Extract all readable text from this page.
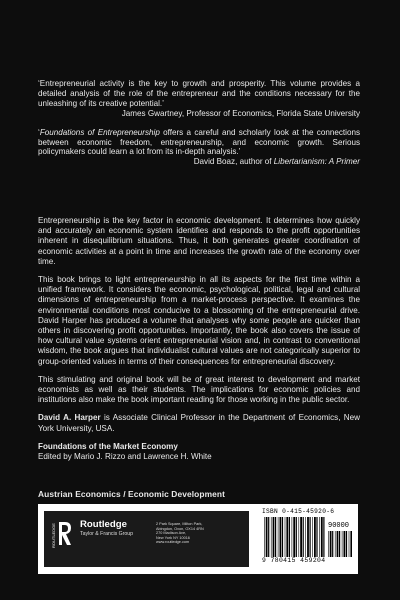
‘Entrepreneurial activity is the key to growth and prosperity. This volume provides a detailed analysis of the role of the entrepreneur and the conditions necessary for the unleashing of its creative potential.’

James Gwartney, Professor of Economics, Florida State University

‘Foundations of Entrepreneurship offers a careful and scholarly look at the connections between economic freedom, entrepreneurship, and economic growth. Serious policymakers could learn a lot from its in-depth analysis.’

David Boaz, author of Libertarianism: A Primer

Entrepreneurship is the key factor in economic development. It determines how quickly and accurately an economic system identifies and responds to the profit opportunities inherent in disequilibrium situations. Thus, it both generates greater coordination of economic activities at a point in time and increases the growth rate of the economy over time.

This book brings to light entrepreneurship in all its aspects for the first time within a unified framework. It considers the economic, psychological, political, legal and cultural dimensions of entrepreneurship from a market-process perspective. It examines the environmental conditions most conducive to a blossoming of the entrepreneurial drive. David Harper has produced a volume that analyses why some people are quicker than others in discovering profit opportunities. Importantly, the book also covers the issue of how cultural value systems orient entrepreneurial vision and, in contrast to conventional wisdom, the book argues that individualist cultural values are not categorically superior to group-oriented values in terms of their consequences for entrepreneurial discovery.

This stimulating and original book will be of great interest to development and market economists as well as their students. The implications for economic policies and institutions also make the book important reading for those working in the public sector.

David A. Harper is Associate Clinical Professor in the Department of Economics, New York University, USA.

Foundations of the Market Economy
Edited by Mario J. Rizzo and Lawrence H. White

Austrian Economics / Economic Development
ROUTLEDGE	Routledge
Taylor & Francis Group
2 Park Square, Milton Park,
Abingdon, Oxon, OX14 4RN
270 Madison Ave,
New York NY 10016
www.routledge.com
ISBN 0-415-45920-6
90000
9 780415 459204
